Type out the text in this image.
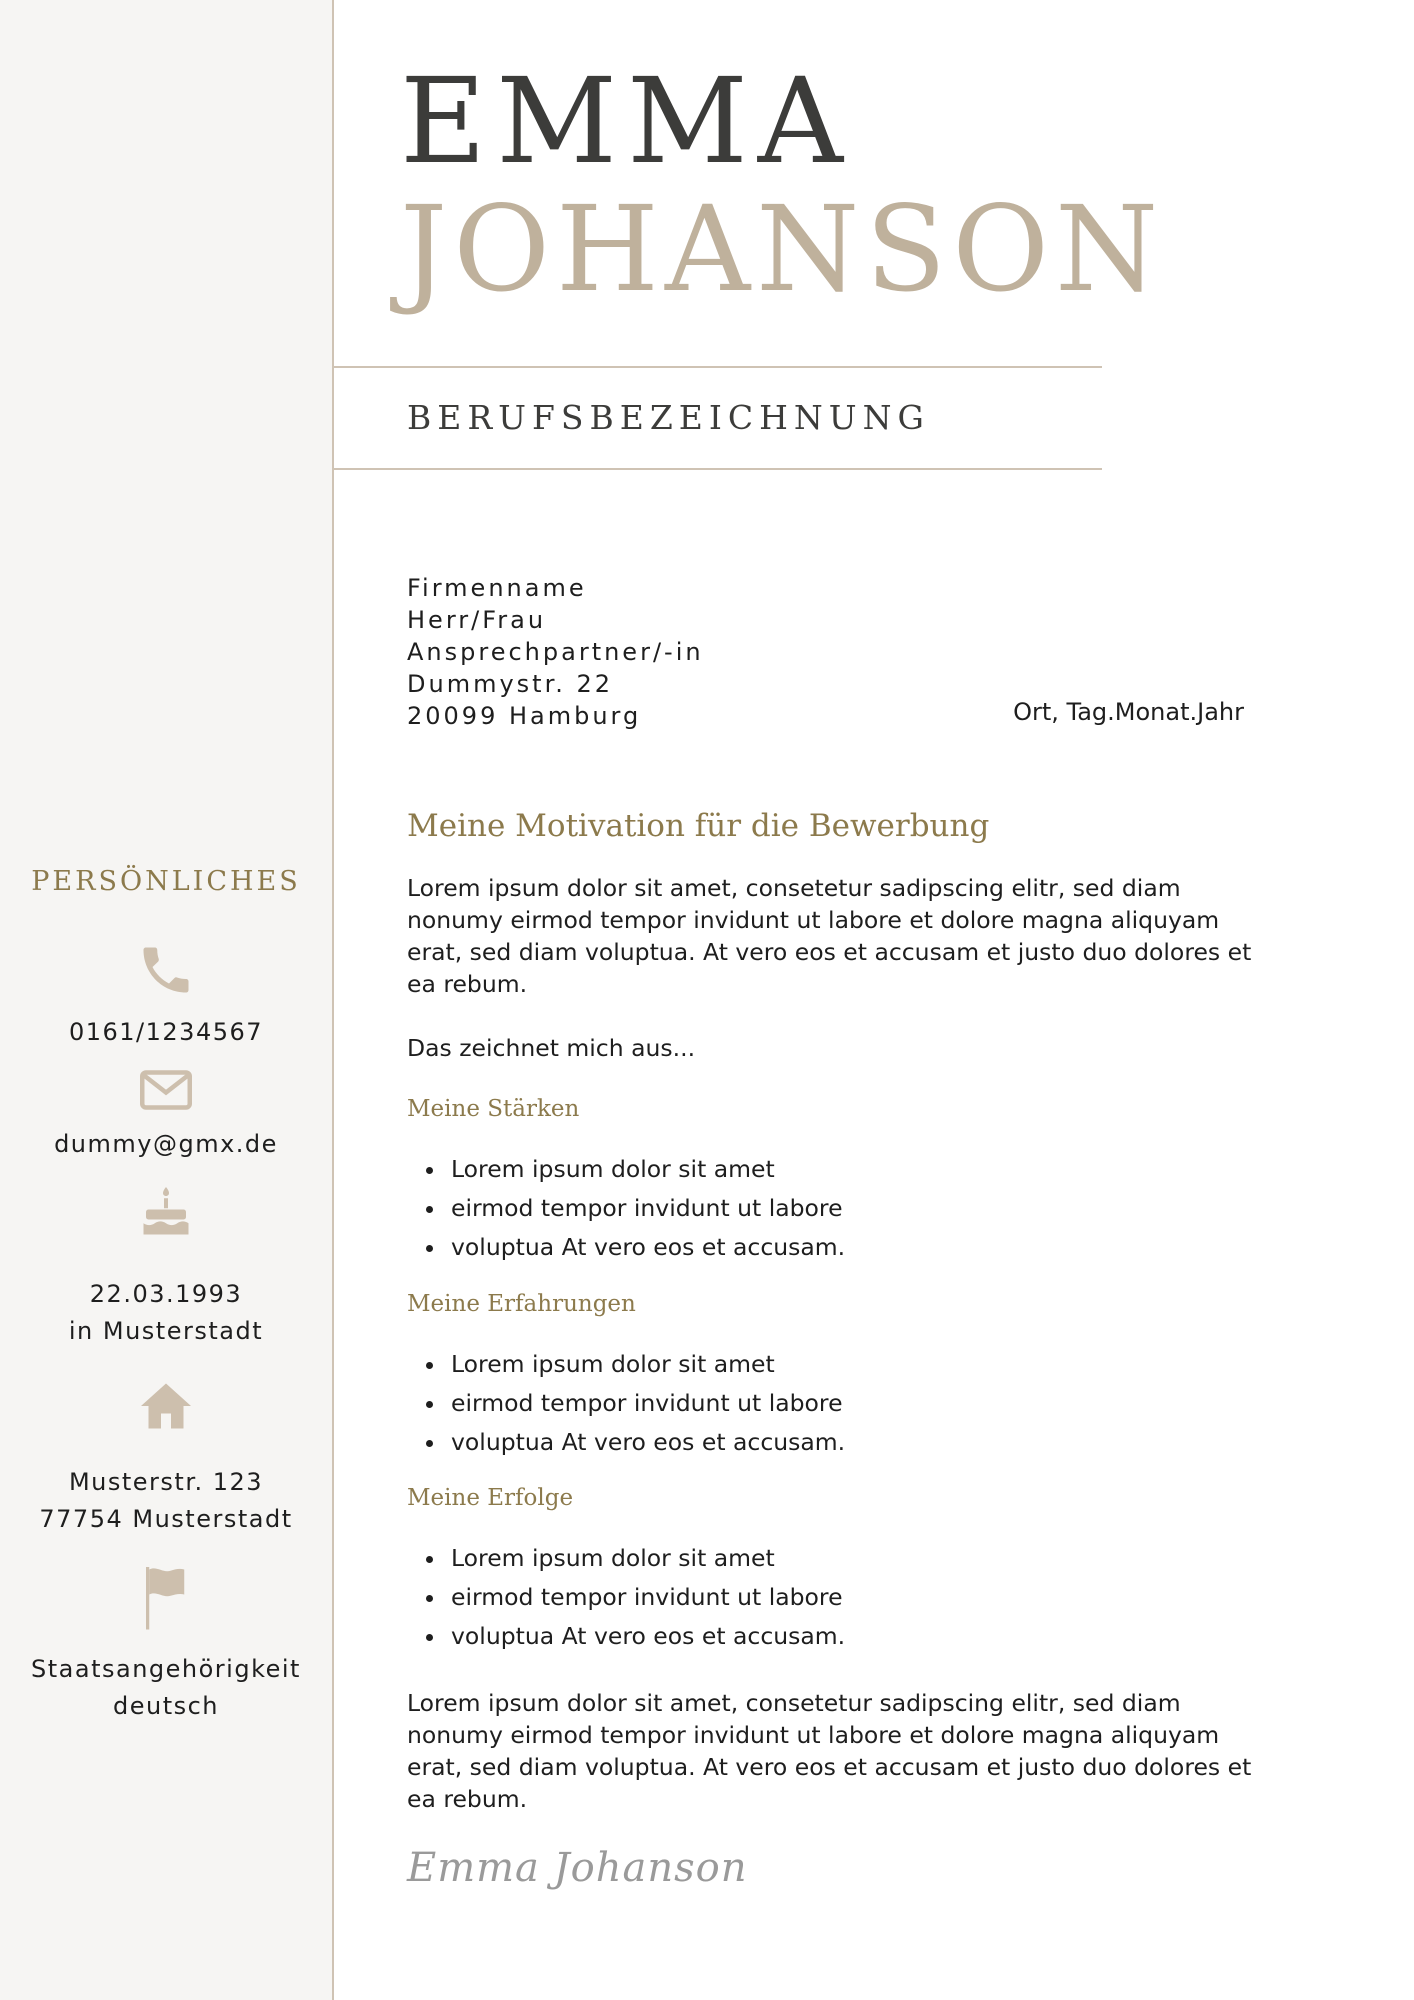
EMMA
JOHANSON
BERUFSBEZEICHNUNG
Firmenname
Herr/Frau
Ansprechpartner/-in
Dummystr. 22
20099 Hamburg	Ort, Tag.Monat.Jahr
Meine Motivation für die Bewerbung
Lorem ipsum dolor sit amet, consetetur sadipscing elitr, sed diam nonumy eirmod tempor invidunt ut labore et dolore magna aliquyam erat, sed diam voluptua. At vero eos et accusam et justo duo dolores et ea rebum.
Das zeichnet mich aus...
Meine Stärken
• Lorem ipsum dolor sit amet
• eirmod tempor invidunt ut labore
• voluptua At vero eos et accusam.
Meine Erfahrungen
• Lorem ipsum dolor sit amet
• eirmod tempor invidunt ut labore
• voluptua At vero eos et accusam.
Meine Erfolge
• Lorem ipsum dolor sit amet
• eirmod tempor invidunt ut labore
• voluptua At vero eos et accusam.
Lorem ipsum dolor sit amet, consetetur sadipscing elitr, sed diam nonumy eirmod tempor invidunt ut labore et dolore magna aliquyam erat, sed diam voluptua. At vero eos et accusam et justo duo dolores et ea rebum.
Emma Johanson
PERSÖNLICHES
0161/1234567
dummy@gmx.de
22.03.1993
in Musterstadt
Musterstr. 123
77754 Musterstadt
Staatsangehörigkeit
deutsch
